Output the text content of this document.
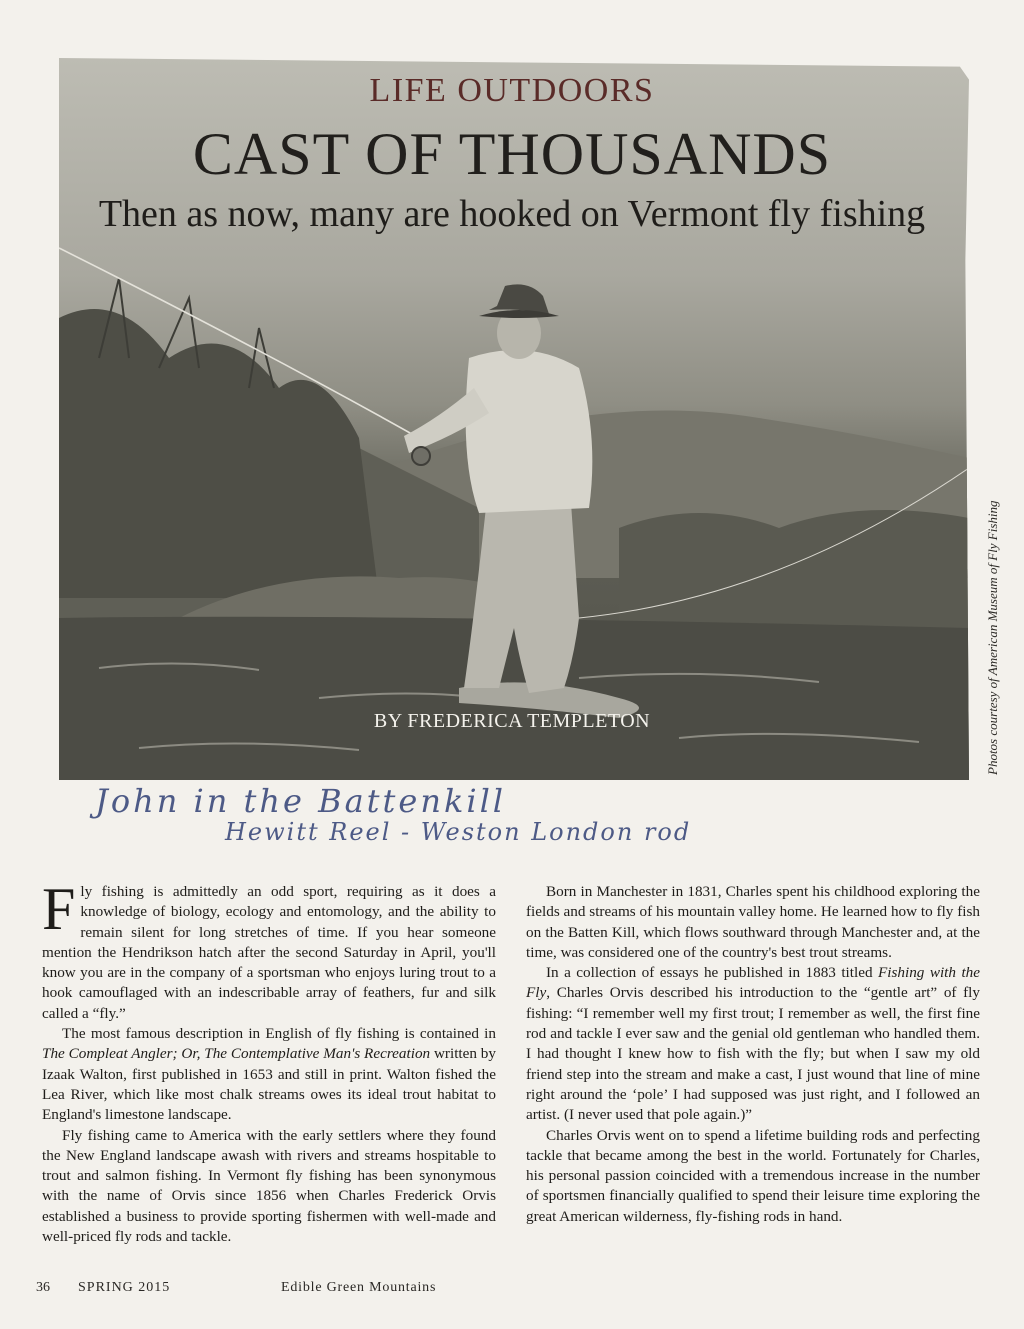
LIFE OUTDOORS
CAST OF THOUSANDS
Then as now, many are hooked on Vermont fly fishing
BY FREDERICA TEMPLETON	Photos courtesy of American Museum of Fly Fishing
John in the Battenkill
Hewitt Reel - Weston London rod

Fly fishing is admittedly an odd sport, requiring as it does a knowledge of biology, ecology and entomology, and the ability to remain silent for long stretches of time. If you hear someone mention the Hendrikson hatch after the second Saturday in April, you'll know you are in the company of a sportsman who enjoys luring trout to a hook camouflaged with an indescribable array of feathers, fur and silk called a “fly.”

The most famous description in English of fly fishing is contained in The Compleat Angler; Or, The Contemplative Man's Recreation written by Izaak Walton, first published in 1653 and still in print. Walton fished the Lea River, which like most chalk streams owes its ideal trout habitat to England's limestone landscape.

Fly fishing came to America with the early settlers where they found the New England landscape awash with rivers and streams hospitable to trout and salmon fishing. In Vermont fly fishing has been synonymous with the name of Orvis since 1856 when Charles Frederick Orvis established a business to provide sporting fishermen with well-made and well-priced fly rods and tackle.

Born in Manchester in 1831, Charles spent his childhood exploring the fields and streams of his mountain valley home. He learned how to fly fish on the Batten Kill, which flows southward through Manchester and, at the time, was considered one of the country's best trout streams.

In a collection of essays he published in 1883 titled Fishing with the Fly, Charles Orvis described his introduction to the “gentle art” of fly fishing: “I remember well my first trout; I remember as well, the first fine rod and tackle I ever saw and the genial old gentleman who handled them. I had thought I knew how to fish with the fly; but when I saw my old friend step into the stream and make a cast, I just wound that line of mine right around the ‘pole’ I had supposed was just right, and I followed an artist. (I never used that pole again.)”

Charles Orvis went on to spend a lifetime building rods and perfecting tackle that became among the best in the world. Fortunately for Charles, his personal passion coincided with a tremendous increase in the number of sportsmen financially qualified to spend their leisure time exploring the great American wilderness, fly-fishing rods in hand.

36 SPRING 2015	Edible Green Mountains
